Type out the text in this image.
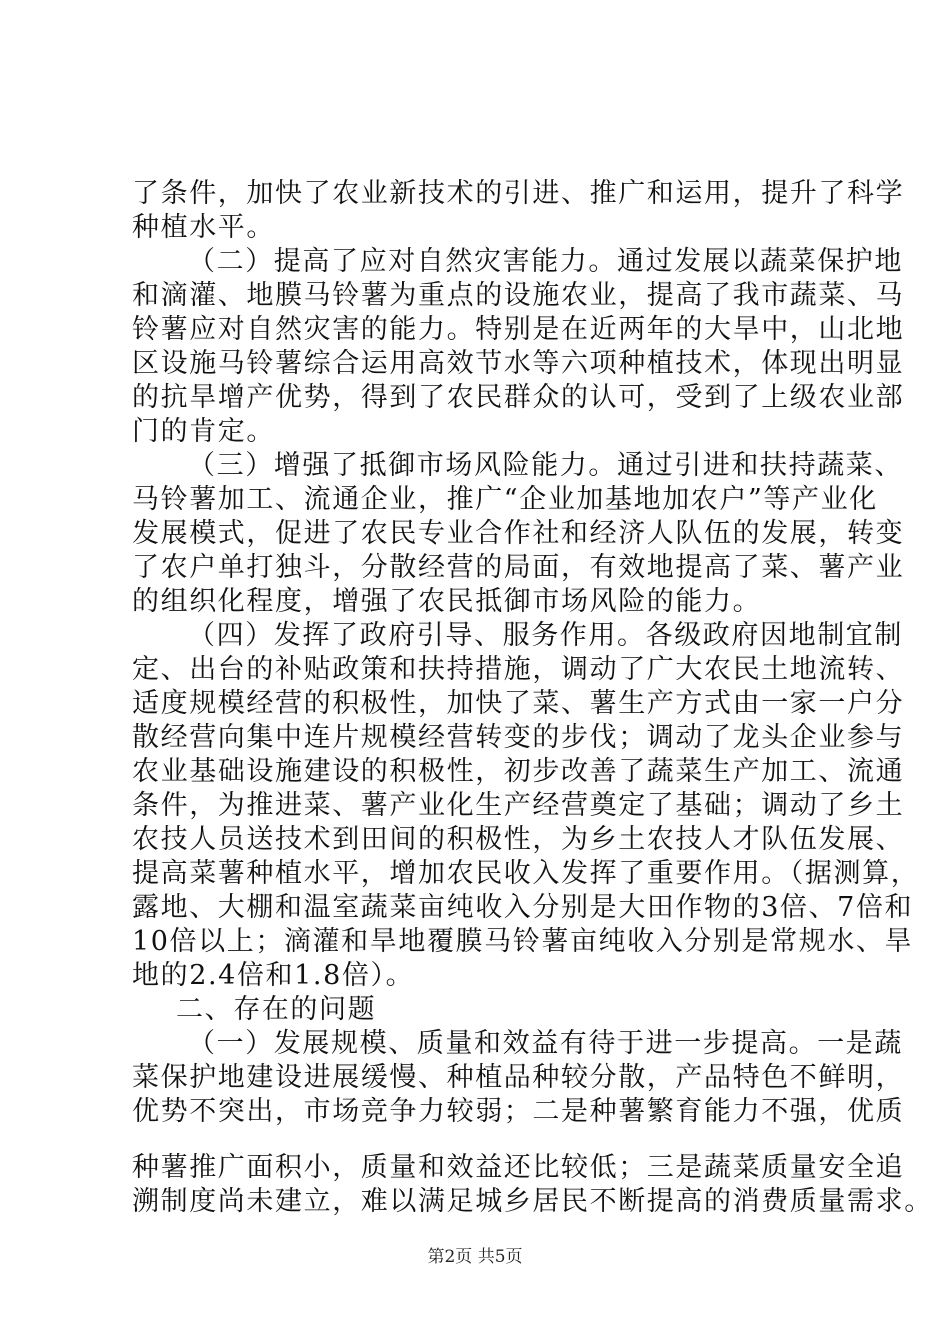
了条件，加快了农业新技术的引进、推广和运用，提升了科学
种植水平。
（二）提高了应对自然灾害能力。通过发展以蔬菜保护地
和滴灌、地膜马铃薯为重点的设施农业，提高了我市蔬菜、马
铃薯应对自然灾害的能力。特别是在近两年的大旱中，山北地
区设施马铃薯综合运用高效节水等六项种植技术，体现出明显
的抗旱增产优势，得到了农民群众的认可，受到了上级农业部
门的肯定。
（三）增强了抵御市场风险能力。通过引进和扶持蔬菜、
马铃薯加工、流通企业，推广“企业加基地加农户”等产业化
发展模式，促进了农民专业合作社和经济人队伍的发展，转变
了农户单打独斗，分散经营的局面，有效地提高了菜、薯产业
的组织化程度，增强了农民抵御市场风险的能力。
（四）发挥了政府引导、服务作用。各级政府因地制宜制
定、出台的补贴政策和扶持措施，调动了广大农民土地流转、
适度规模经营的积极性，加快了菜、薯生产方式由一家一户分
散经营向集中连片规模经营转变的步伐；调动了龙头企业参与
农业基础设施建设的积极性，初步改善了蔬菜生产加工、流通
条件，为推进菜、薯产业化生产经营奠定了基础；调动了乡土
农技人员送技术到田间的积极性，为乡土农技人才队伍发展、
提高菜薯种植水平，增加农民收入发挥了重要作用。（据测算，
露地、大棚和温室蔬菜亩纯收入分别是大田作物的3倍、7倍和
10倍以上；滴灌和旱地覆膜马铃薯亩纯收入分别是常规水、旱
地的2.4倍和1.8倍）。
二、存在的问题
（一）发展规模、质量和效益有待于进一步提高。一是蔬
菜保护地建设进展缓慢、种植品种较分散，产品特色不鲜明，
优势不突出，市场竞争力较弱；二是种薯繁育能力不强，优质
种薯推广面积小，质量和效益还比较低；三是蔬菜质量安全追
溯制度尚未建立，难以满足城乡居民不断提高的消费质量需求。
第2页 共5页
